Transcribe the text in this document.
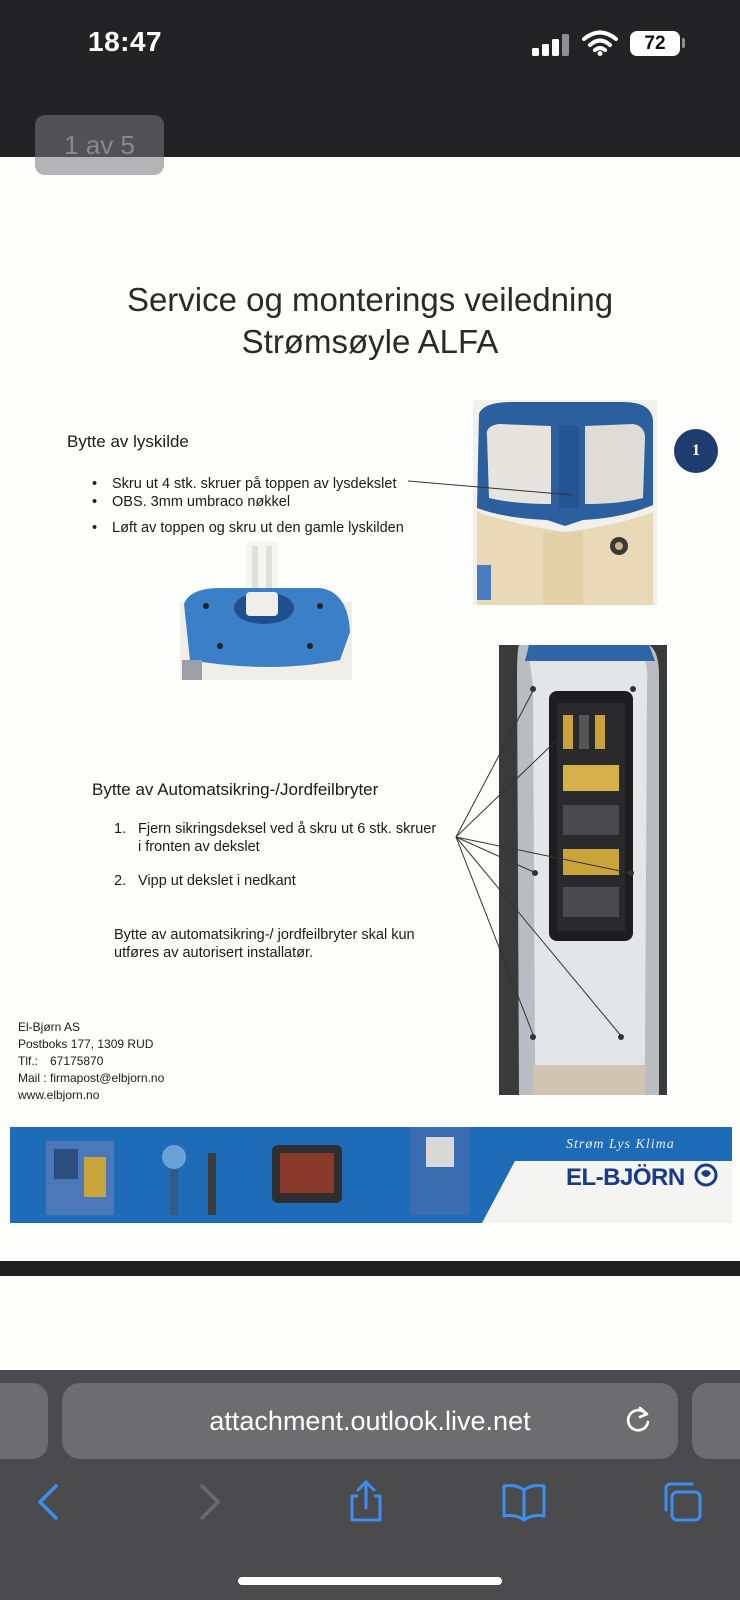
18:47	72
Service og monterings veiledning
Strømsøyle ALFA
Bytte av lyskilde
• Skru ut 4 stk. skruer på toppen av lysdekslet
• OBS. 3mm umbraco nøkkel
• Løft av toppen og skru ut den gamle lyskilden
1
Bytte av Automatsikring-/Jordfeilbryter
1. Fjern sikringsdeksel ved å skru ut 6 stk. skruer
i fronten av dekslet
2. Vipp ut dekslet i nedkant
Bytte av automatsikring-/ jordfeilbryter skal kun
utføres av autorisert installatør.
El-Bjørn AS
Postboks 177, 1309 RUD
Tlf.: 67175870
Mail : firmapost@elbjorn.no
www.elbjorn.no
Strøm Lys Klima
EL-BJÖRN
1 av 5
attachment.outlook.live.net
